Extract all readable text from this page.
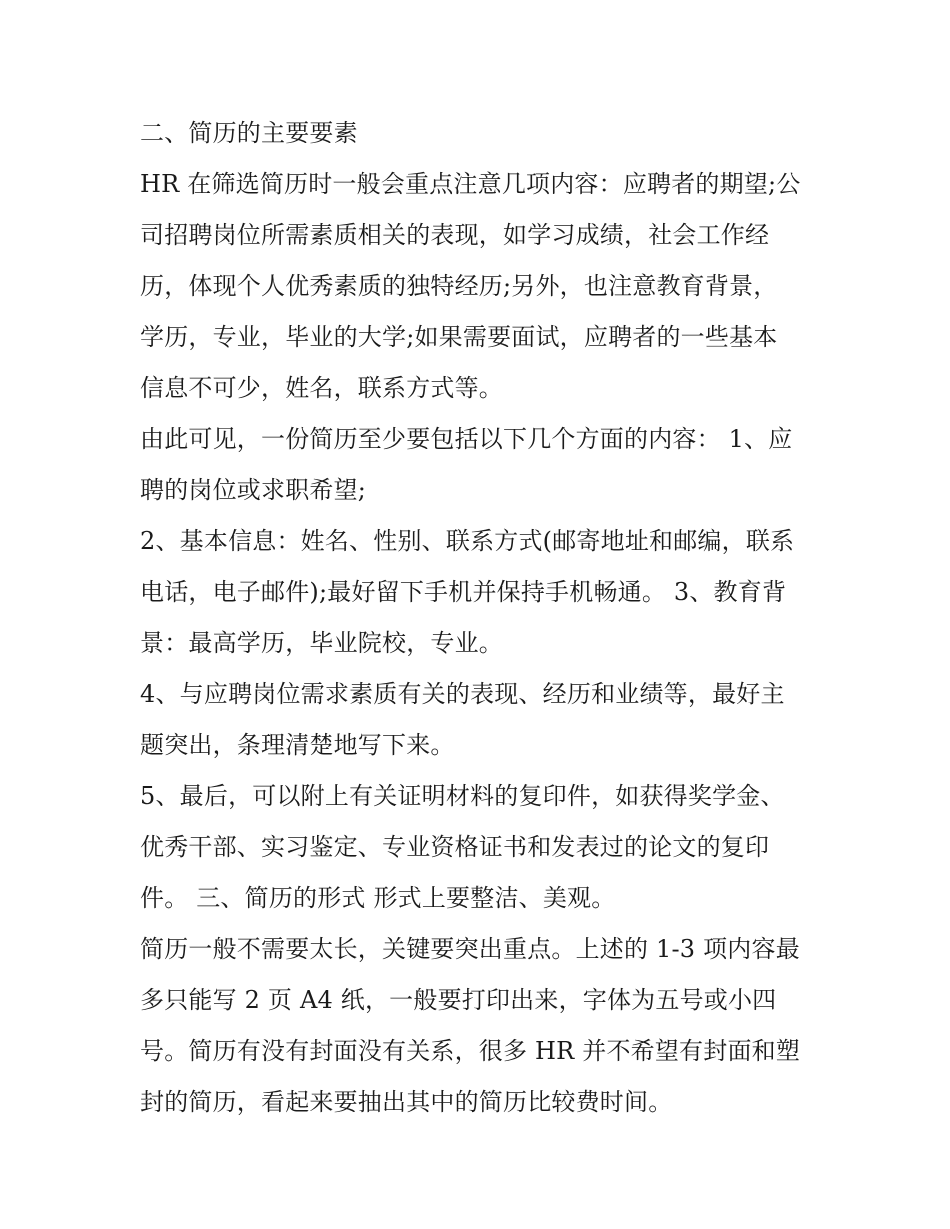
二、简历的主要要素

HR 在筛选简历时一般会重点注意几项内容：应聘者的期望;公
司招聘岗位所需素质相关的表现，如学习成绩，社会工作经
历，体现个人优秀素质的独特经历;另外，也注意教育背景，
学历，专业，毕业的大学;如果需要面试，应聘者的一些基本
信息不可少，姓名，联系方式等。

由此可见，一份简历至少要包括以下几个方面的内容： 1、应
聘的岗位或求职希望;

2、基本信息：姓名、性别、联系方式(邮寄地址和邮编，联系
电话，电子邮件);最好留下手机并保持手机畅通。 3、教育背
景：最高学历，毕业院校，专业。

4、与应聘岗位需求素质有关的表现、经历和业绩等，最好主
题突出，条理清楚地写下来。

5、最后，可以附上有关证明材料的复印件，如获得奖学金、
优秀干部、实习鉴定、专业资格证书和发表过的论文的复印
件。 三、简历的形式 形式上要整洁、美观。

简历一般不需要太长，关键要突出重点。上述的 1-3 项内容最
多只能写 2 页 A4 纸，一般要打印出来，字体为五号或小四
号。简历有没有封面没有关系，很多 HR 并不希望有封面和塑
封的简历，看起来要抽出其中的简历比较费时间。
